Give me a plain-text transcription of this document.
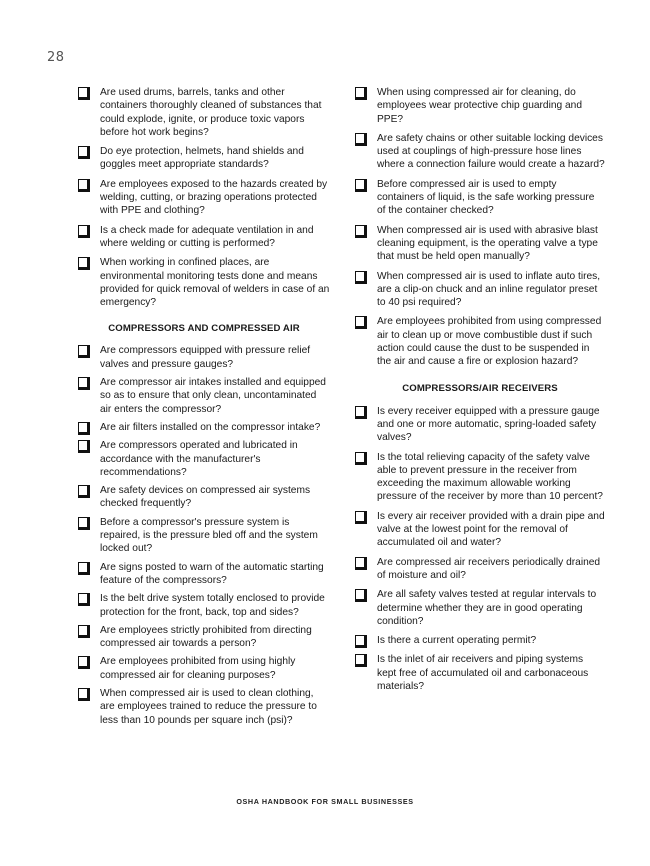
28
Are used drums, barrels, tanks and other containers thoroughly cleaned of substances that could explode, ignite, or produce toxic vapors before hot work begins?
Do eye protection, helmets, hand shields and goggles meet appropriate standards?
Are employees exposed to the hazards created by welding, cutting, or brazing operations protected with PPE and clothing?
Is a check made for adequate ventilation in and where welding or cutting is performed?
When working in confined places, are environmental monitoring tests done and means provided for quick removal of welders in case of an emergency?
COMPRESSORS AND COMPRESSED AIR
Are compressors equipped with pressure relief valves and pressure gauges?
Are compressor air intakes installed and equipped so as to ensure that only clean, uncontaminated air enters the compressor?
Are air filters installed on the compressor intake?
Are compressors operated and lubricated in accordance with the manufacturer's recommendations?
Are safety devices on compressed air systems checked frequently?
Before a compressor's pressure system is repaired, is the pressure bled off and the system locked out?
Are signs posted to warn of the automatic starting feature of the compressors?
Is the belt drive system totally enclosed to provide protection for the front, back, top and sides?
Are employees strictly prohibited from directing compressed air towards a person?
Are employees prohibited from using highly compressed air for cleaning purposes?
When compressed air is used to clean clothing, are employees trained to reduce the pressure to less than 10 pounds per square inch (psi)?
When using compressed air for cleaning, do employees wear protective chip guarding and PPE?
Are safety chains or other suitable locking devices used at couplings of high-pressure hose lines where a connection failure would create a hazard?
Before compressed air is used to empty containers of liquid, is the safe working pressure of the container checked?
When compressed air is used with abrasive blast cleaning equipment, is the operating valve a type that must be held open manually?
When compressed air is used to inflate auto tires, are a clip-on chuck and an inline regulator preset to 40 psi required?
Are employees prohibited from using compressed air to clean up or move combustible dust if such action could cause the dust to be suspended in the air and cause a fire or explosion hazard?
COMPRESSORS/AIR RECEIVERS
Is every receiver equipped with a pressure gauge and one or more automatic, spring-loaded safety valves?
Is the total relieving capacity of the safety valve able to prevent pressure in the receiver from exceeding the maximum allowable working pressure of the receiver by more than 10 percent?
Is every air receiver provided with a drain pipe and valve at the lowest point for the removal of accumulated oil and water?
Are compressed air receivers periodically drained of moisture and oil?
Are all safety valves tested at regular intervals to determine whether they are in good operating condition?
Is there a current operating permit?
Is the inlet of air receivers and piping systems kept free of accumulated oil and carbonaceous materials?
OSHA HANDBOOK FOR SMALL BUSINESSES
